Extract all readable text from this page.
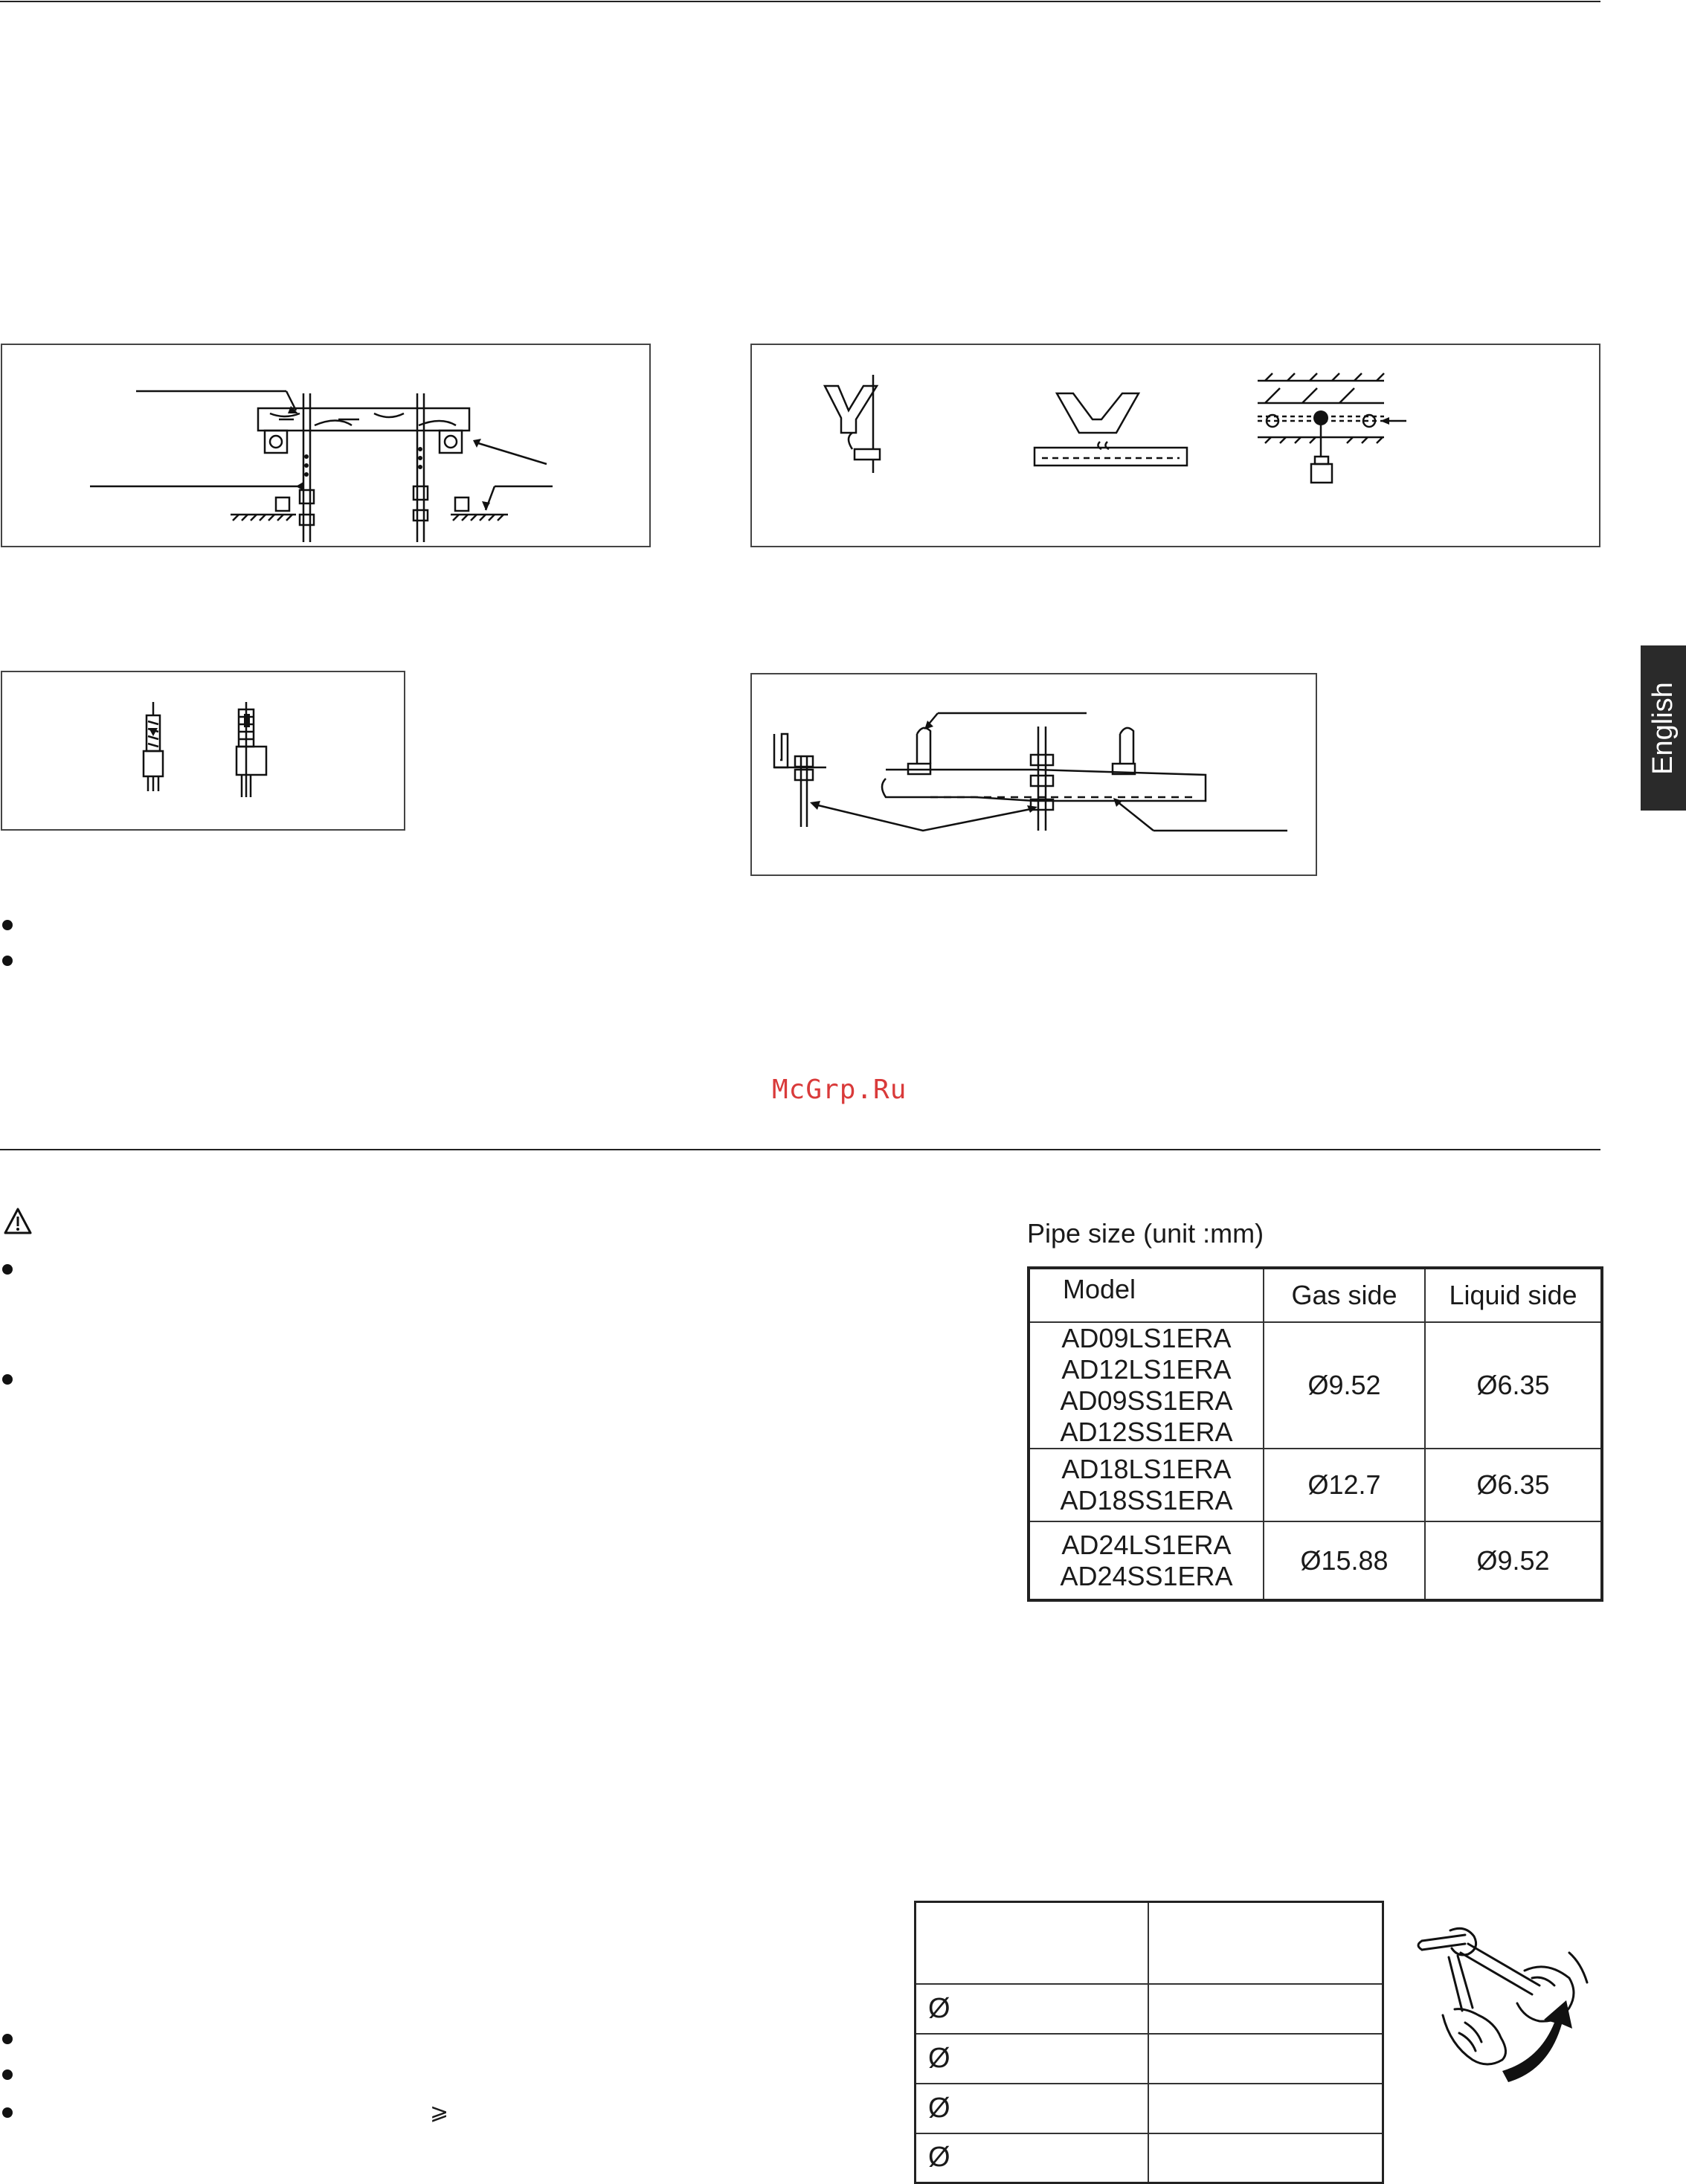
McGrp.Ru
English
⩾
Pipe size (unit :mm)
Model	Gas side	Liquid side

AD09LS1ERA
AD12LS1ERA
AD09SS1ERA
AD12SS1ERA	Ø9.52	Ø6.35

AD18LS1ERA
AD18SS1ERA	Ø12.7	Ø6.35

AD24LS1ERA
AD24SS1ERA	Ø15.88	Ø9.52

Ø	
Ø	
Ø	
Ø	
